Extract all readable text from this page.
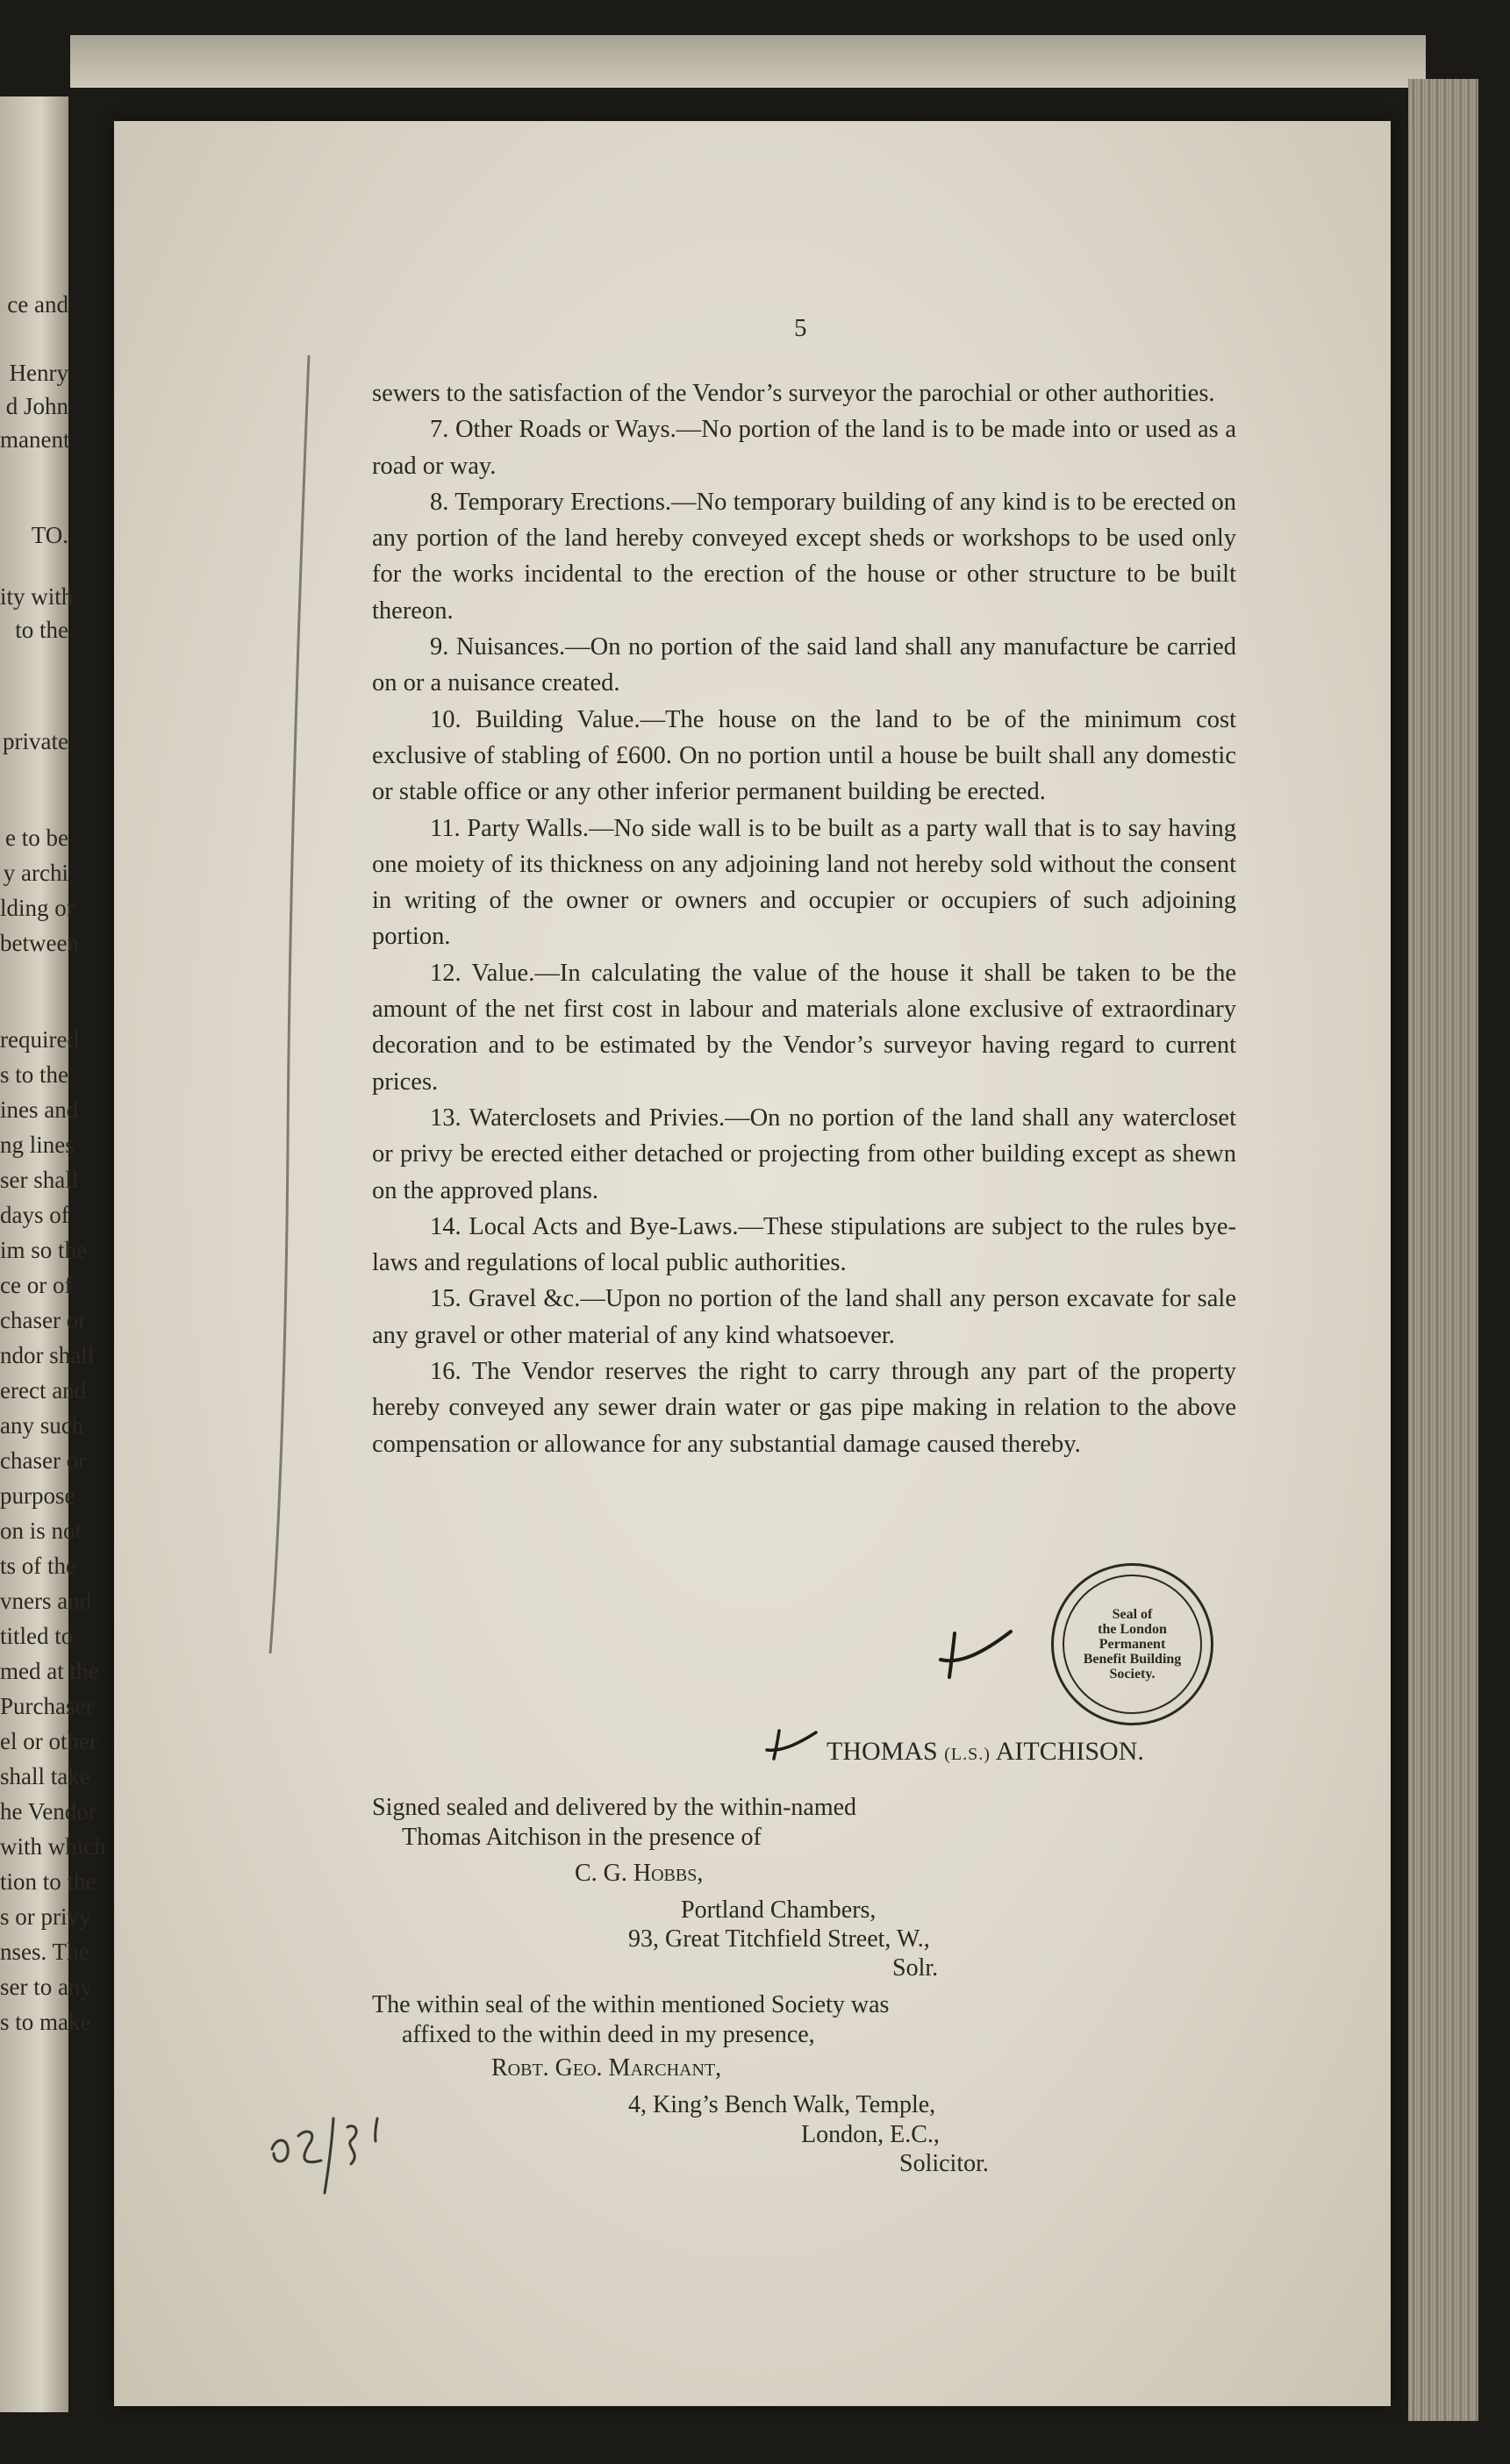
ce and
Henry
d John
manent
TO.
ity with
to the
private
e to be
y archi
lding or
between
required
s to the
ines and
ng lines
ser shall
days of
im so the
ce or of
chaser or
ndor shall
erect and
any such
chaser or
purpose
on is not
ts of the
vners and
titled to
med at the
Purchaser
el or other
shall take
he Vendor
with which
tion to the
s or privy
nses. The
ser to any
s to make
5

sewers to the satisfaction of the Vendor’s surveyor the parochial or other authorities.

7. Other Roads or Ways.—No portion of the land is to be made into or used as a road or way.

8. Temporary Erections.—No temporary building of any kind is to be erected on any portion of the land hereby conveyed except sheds or workshops to be used only for the works incidental to the erection of the house or other structure to be built thereon.

9. Nuisances.—On no portion of the said land shall any manufacture be carried on or a nuisance created.

10. Building Value.—The house on the land to be of the minimum cost exclusive of stabling of £600. On no portion until a house be built shall any domestic or stable office or any other inferior permanent building be erected.

11. Party Walls.—No side wall is to be built as a party wall that is to say having one moiety of its thickness on any adjoining land not hereby sold without the consent in writing of the owner or owners and occupier or occupiers of such adjoining portion.

12. Value.—In calculating the value of the house it shall be taken to be the amount of the net first cost in labour and materials alone exclusive of extraordinary decoration and to be estimated by the Vendor’s surveyor having regard to current prices.

13. Waterclosets and Privies.—On no portion of the land shall any watercloset or privy be erected either detached or projecting from other building except as shewn on the approved plans.

14. Local Acts and Bye-Laws.—These stipulations are subject to the rules bye-laws and regulations of local public authorities.

15. Gravel &c.—Upon no portion of the land shall any person excavate for sale any gravel or other material of any kind whatsoever.

16. The Vendor reserves the right to carry through any part of the property hereby conveyed any sewer drain water or gas pipe making in relation to the above compensation or allowance for any substantial damage caused thereby.

Seal of
the London
Permanent
Benefit Building
Society.
THOMAS (L.S.) AITCHISON.
Signed sealed and delivered by the within-named
Thomas Aitchison in the presence of
C. G. Hobbs,
Portland Chambers,
93, Great Titchfield Street, W.,
Solr.
The within seal of the within mentioned Society was
affixed to the within deed in my presence,
Robt. Geo. Marchant,
4, King’s Bench Walk, Temple,
London, E.C.,
Solicitor.
